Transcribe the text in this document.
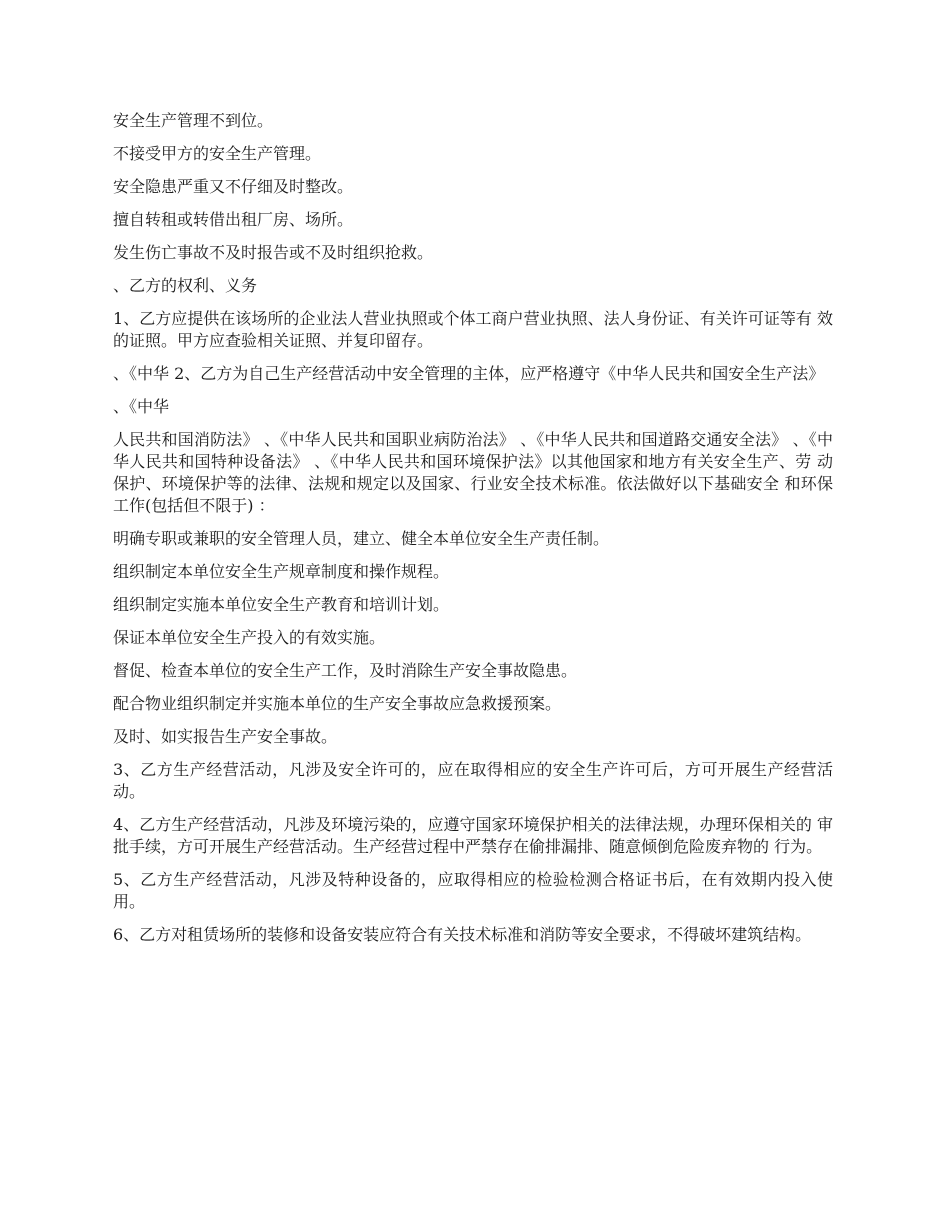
安全生产管理不到位。

不接受甲方的安全生产管理。

安全隐患严重又不仔细及时整改。

擅自转租或转借出租厂房、场所。

发生伤亡事故不及时报告或不及时组织抢救。

、乙方的权利、义务

1、乙方应提供在该场所的企业法人营业执照或个体工商户营业执照、法人身份证、有关许可证等有 效的证照。甲方应查验相关证照、并复印留存。

、《中华 2、乙方为自己生产经营活动中安全管理的主体，应严格遵守《中华人民共和国安全生产法》

、《中华

人民共和国消防法》 、《中华人民共和国职业病防治法》 、《中华人民共和国道路交通安全法》 、《中 华人民共和国特种设备法》 、《中华人民共和国环境保护法》以其他国家和地方有关安全生产、劳 动保护、环境保护等的法律、法规和规定以及国家、行业安全技术标准。依法做好以下基础安全 和环保工作(包括但不限于) ：

明确专职或兼职的安全管理人员，建立、健全本单位安全生产责任制。

组织制定本单位安全生产规章制度和操作规程。

组织制定实施本单位安全生产教育和培训计划。

保证本单位安全生产投入的有效实施。

督促、检查本单位的安全生产工作，及时消除生产安全事故隐患。

配合物业组织制定并实施本单位的生产安全事故应急救援预案。

及时、如实报告生产安全事故。

3、乙方生产经营活动，凡涉及安全许可的，应在取得相应的安全生产许可后，方可开展生产经营活 动。

4、乙方生产经营活动，凡涉及环境污染的，应遵守国家环境保护相关的法律法规，办理环保相关的 审批手续，方可开展生产经营活动。生产经营过程中严禁存在偷排漏排、随意倾倒危险废弃物的 行为。

5、乙方生产经营活动，凡涉及特种设备的，应取得相应的检验检测合格证书后，在有效期内投入使 用。

6、乙方对租赁场所的装修和设备安装应符合有关技术标准和消防等安全要求，不得破坏建筑结构。
